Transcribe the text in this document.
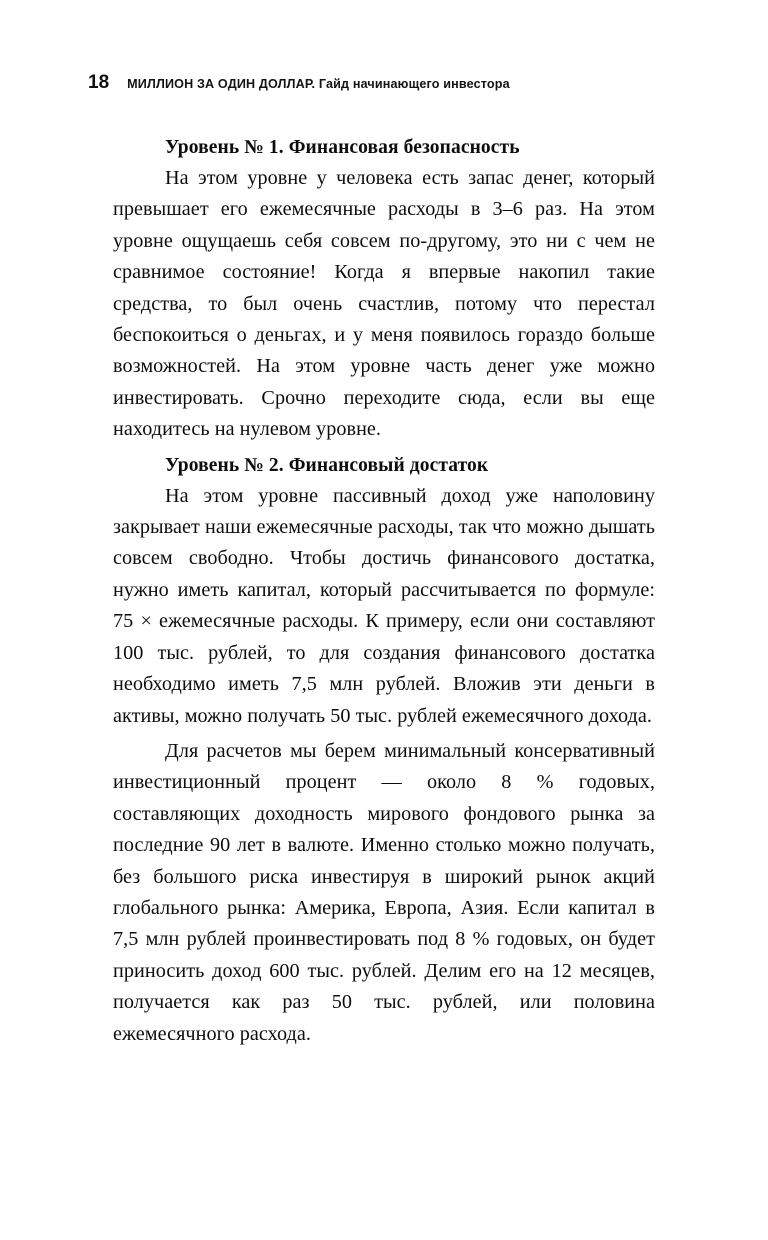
18 МИЛЛИОН ЗА ОДИН ДОЛЛАР. Гайд начинающего инвестора
Уровень № 1. Финансовая безопасность

На этом уровне у человека есть запас денег, который превышает его ежемесячные расходы в 3–6 раз. На этом уровне ощущаешь себя совсем по-другому, это ни с чем не сравнимое состояние! Когда я впервые накопил такие средства, то был очень счастлив, потому что перестал беспокоиться о деньгах, и у меня появилось гораздо больше возможностей. На этом уровне часть денег уже можно инвестировать. Срочно переходите сюда, если вы еще находитесь на нулевом уровне.

Уровень № 2. Финансовый достаток

На этом уровне пассивный доход уже наполовину закрывает наши ежемесячные расходы, так что можно дышать совсем свободно. Чтобы достичь финансового достатка, нужно иметь капитал, который рассчитывается по формуле: 75 × ежемесячные расходы. К примеру, если они составляют 100 тыс. рублей, то для создания финансового достатка необходимо иметь 7,5 млн рублей. Вложив эти деньги в активы, можно получать 50 тыс. рублей ежемесячного дохода.

Для расчетов мы берем минимальный консервативный инвестиционный процент — около 8 % годовых, составляющих доходность мирового фондового рынка за последние 90 лет в валюте. Именно столько можно получать, без большого риска инвестируя в широкий рынок акций глобального рынка: Америка, Европа, Азия. Если капитал в 7,5 млн рублей проинвестировать под 8 % годовых, он будет приносить доход 600 тыс. рублей. Делим его на 12 месяцев, получается как раз 50 тыс. рублей, или половина ежемесячного расхода.
